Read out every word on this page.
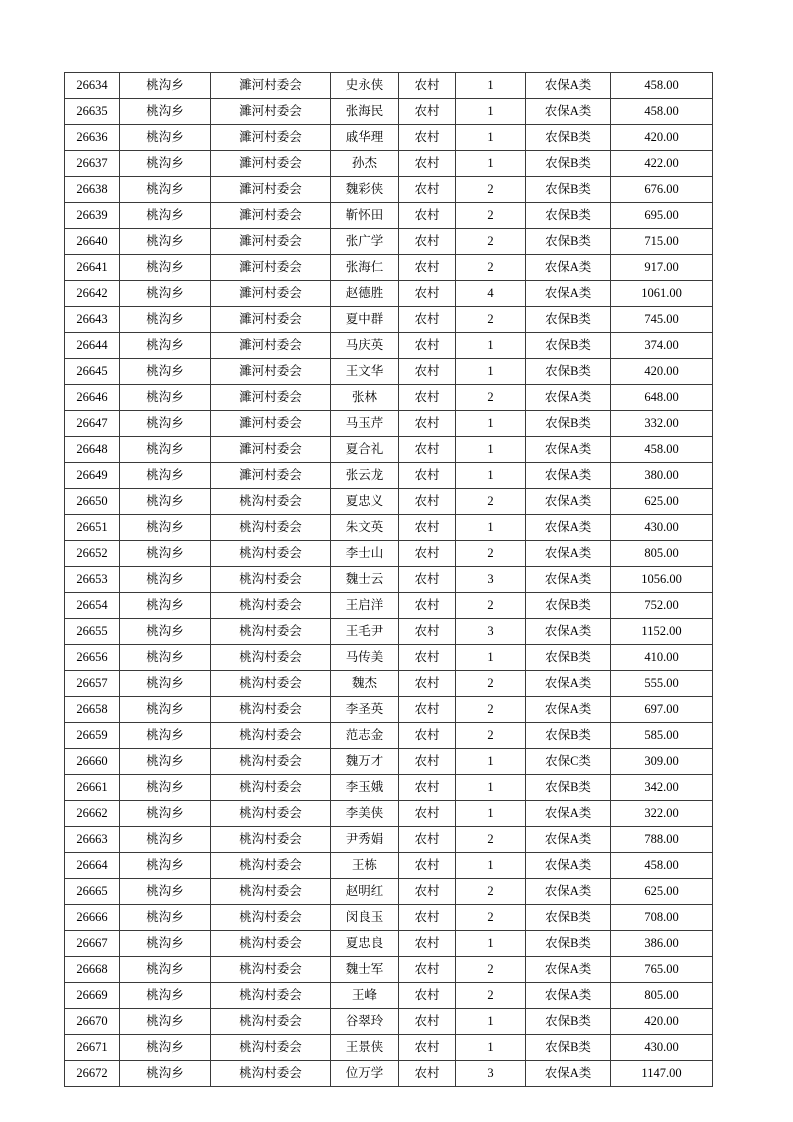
26634	桃沟乡	濉河村委会	史永侠	农村	1	农保A类	458.00
26635	桃沟乡	濉河村委会	张海民	农村	1	农保A类	458.00
26636	桃沟乡	濉河村委会	戚华理	农村	1	农保B类	420.00
26637	桃沟乡	濉河村委会	孙杰	农村	1	农保B类	422.00
26638	桃沟乡	濉河村委会	魏彩侠	农村	2	农保B类	676.00
26639	桃沟乡	濉河村委会	靳怀田	农村	2	农保B类	695.00
26640	桃沟乡	濉河村委会	张广学	农村	2	农保B类	715.00
26641	桃沟乡	濉河村委会	张海仁	农村	2	农保A类	917.00
26642	桃沟乡	濉河村委会	赵德胜	农村	4	农保A类	1061.00
26643	桃沟乡	濉河村委会	夏中群	农村	2	农保B类	745.00
26644	桃沟乡	濉河村委会	马庆英	农村	1	农保B类	374.00
26645	桃沟乡	濉河村委会	王文华	农村	1	农保B类	420.00
26646	桃沟乡	濉河村委会	张林	农村	2	农保A类	648.00
26647	桃沟乡	濉河村委会	马玉芹	农村	1	农保B类	332.00
26648	桃沟乡	濉河村委会	夏合礼	农村	1	农保A类	458.00
26649	桃沟乡	濉河村委会	张云龙	农村	1	农保A类	380.00
26650	桃沟乡	桃沟村委会	夏忠义	农村	2	农保A类	625.00
26651	桃沟乡	桃沟村委会	朱文英	农村	1	农保A类	430.00
26652	桃沟乡	桃沟村委会	李士山	农村	2	农保A类	805.00
26653	桃沟乡	桃沟村委会	魏士云	农村	3	农保A类	1056.00
26654	桃沟乡	桃沟村委会	王启洋	农村	2	农保B类	752.00
26655	桃沟乡	桃沟村委会	王毛尹	农村	3	农保A类	1152.00
26656	桃沟乡	桃沟村委会	马传美	农村	1	农保B类	410.00
26657	桃沟乡	桃沟村委会	魏杰	农村	2	农保A类	555.00
26658	桃沟乡	桃沟村委会	李圣英	农村	2	农保A类	697.00
26659	桃沟乡	桃沟村委会	范志金	农村	2	农保B类	585.00
26660	桃沟乡	桃沟村委会	魏万才	农村	1	农保C类	309.00
26661	桃沟乡	桃沟村委会	李玉娥	农村	1	农保B类	342.00
26662	桃沟乡	桃沟村委会	李美侠	农村	1	农保A类	322.00
26663	桃沟乡	桃沟村委会	尹秀娟	农村	2	农保A类	788.00
26664	桃沟乡	桃沟村委会	王栋	农村	1	农保A类	458.00
26665	桃沟乡	桃沟村委会	赵明红	农村	2	农保A类	625.00
26666	桃沟乡	桃沟村委会	闵良玉	农村	2	农保B类	708.00
26667	桃沟乡	桃沟村委会	夏忠良	农村	1	农保B类	386.00
26668	桃沟乡	桃沟村委会	魏士军	农村	2	农保A类	765.00
26669	桃沟乡	桃沟村委会	王峰	农村	2	农保A类	805.00
26670	桃沟乡	桃沟村委会	谷翠玲	农村	1	农保B类	420.00
26671	桃沟乡	桃沟村委会	王景侠	农村	1	农保B类	430.00
26672	桃沟乡	桃沟村委会	位万学	农村	3	农保A类	1147.00
